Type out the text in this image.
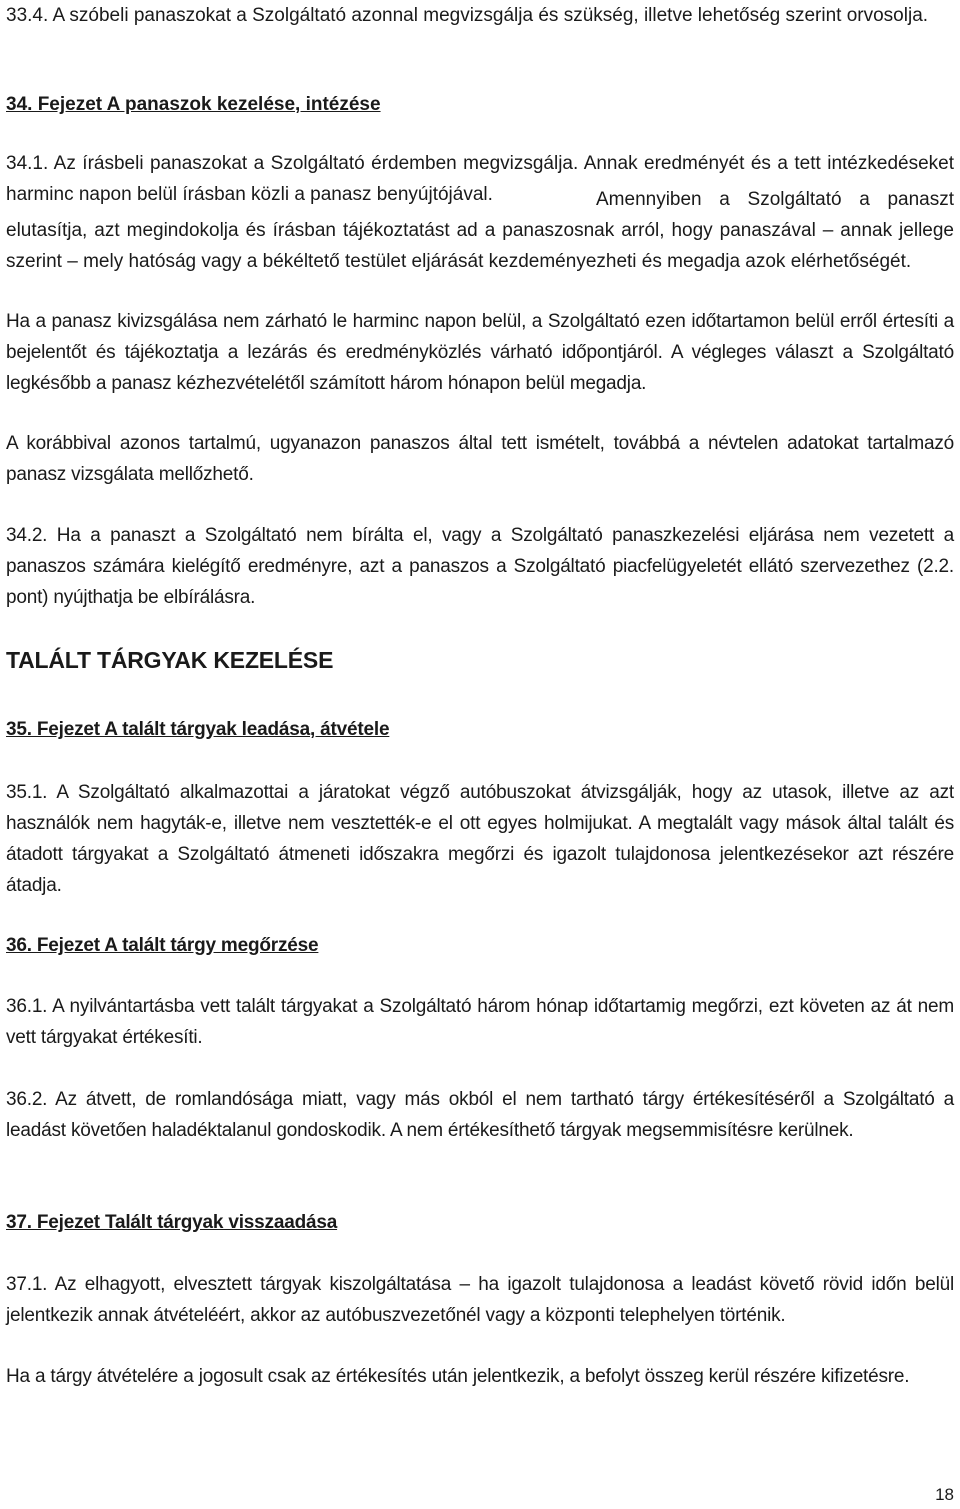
33.4. A szóbeli panaszokat a Szolgáltató azonnal megvizsgálja és szükség, illetve lehetőség szerint orvosolja.

34. Fejezet A panaszok kezelése, intézése

34.1. Az írásbeli panaszokat a Szolgáltató érdemben megvizsgálja. Annak eredményét és a tett intézkedéseket harminc napon belül írásban közli a panasz benyújtójával.	Amennyiben a Szolgáltató a panaszt elutasítja, azt megindokolja és írásban tájékoztatást ad a panaszosnak arról, hogy panaszával – annak jellege szerint – mely hatóság vagy a békéltető testület eljárását kezdeményezheti és megadja azok elérhetőségét.

Ha a panasz kivizsgálása nem zárható le harminc napon belül, a Szolgáltató ezen időtartamon belül erről értesíti a bejelentőt és tájékoztatja a lezárás és eredményközlés várható időpontjáról. A végleges választ a Szolgáltató legkésőbb a panasz kézhezvételétől számított három hónapon belül megadja.

A korábbival azonos tartalmú, ugyanazon panaszos által tett ismételt, továbbá a névtelen adatokat tartalmazó panasz vizsgálata mellőzhető.

34.2. Ha a panaszt a Szolgáltató nem bírálta el, vagy a Szolgáltató panaszkezelési eljárása nem vezetett a panaszos számára kielégítő eredményre, azt a panaszos a Szolgáltató piacfelügyeletét ellátó szervezethez (2.2. pont) nyújthatja be elbírálásra.

TALÁLT TÁRGYAK KEZELÉSE

35. Fejezet A talált tárgyak leadása, átvétele

35.1. A Szolgáltató alkalmazottai a járatokat végző autóbuszokat átvizsgálják, hogy az utasok, illetve az azt használók nem hagyták-e, illetve nem vesztették-e el ott egyes holmijukat. A megtalált vagy mások által talált és átadott tárgyakat a Szolgáltató átmeneti időszakra megőrzi és igazolt tulajdonosa jelentkezésekor azt részére átadja.

36. Fejezet A talált tárgy megőrzése

36.1. A nyilvántartásba vett talált tárgyakat a Szolgáltató három hónap időtartamig megőrzi, ezt követen az át nem vett tárgyakat értékesíti.

36.2. Az átvett, de romlandósága miatt, vagy más okból el nem tartható tárgy értékesítéséről a Szolgáltató a leadást követően haladéktalanul gondoskodik. A nem értékesíthető tárgyak megsemmisítésre kerülnek.

37. Fejezet Talált tárgyak visszaadása

37.1. Az elhagyott, elvesztett tárgyak kiszolgáltatása – ha igazolt tulajdonosa a leadást követő rövid időn belül jelentkezik annak átvételéért, akkor az autóbuszvezetőnél vagy a központi telephelyen történik.

Ha a tárgy átvételére a jogosult csak az értékesítés után jelentkezik, a befolyt összeg kerül részére kifizetésre.

18
